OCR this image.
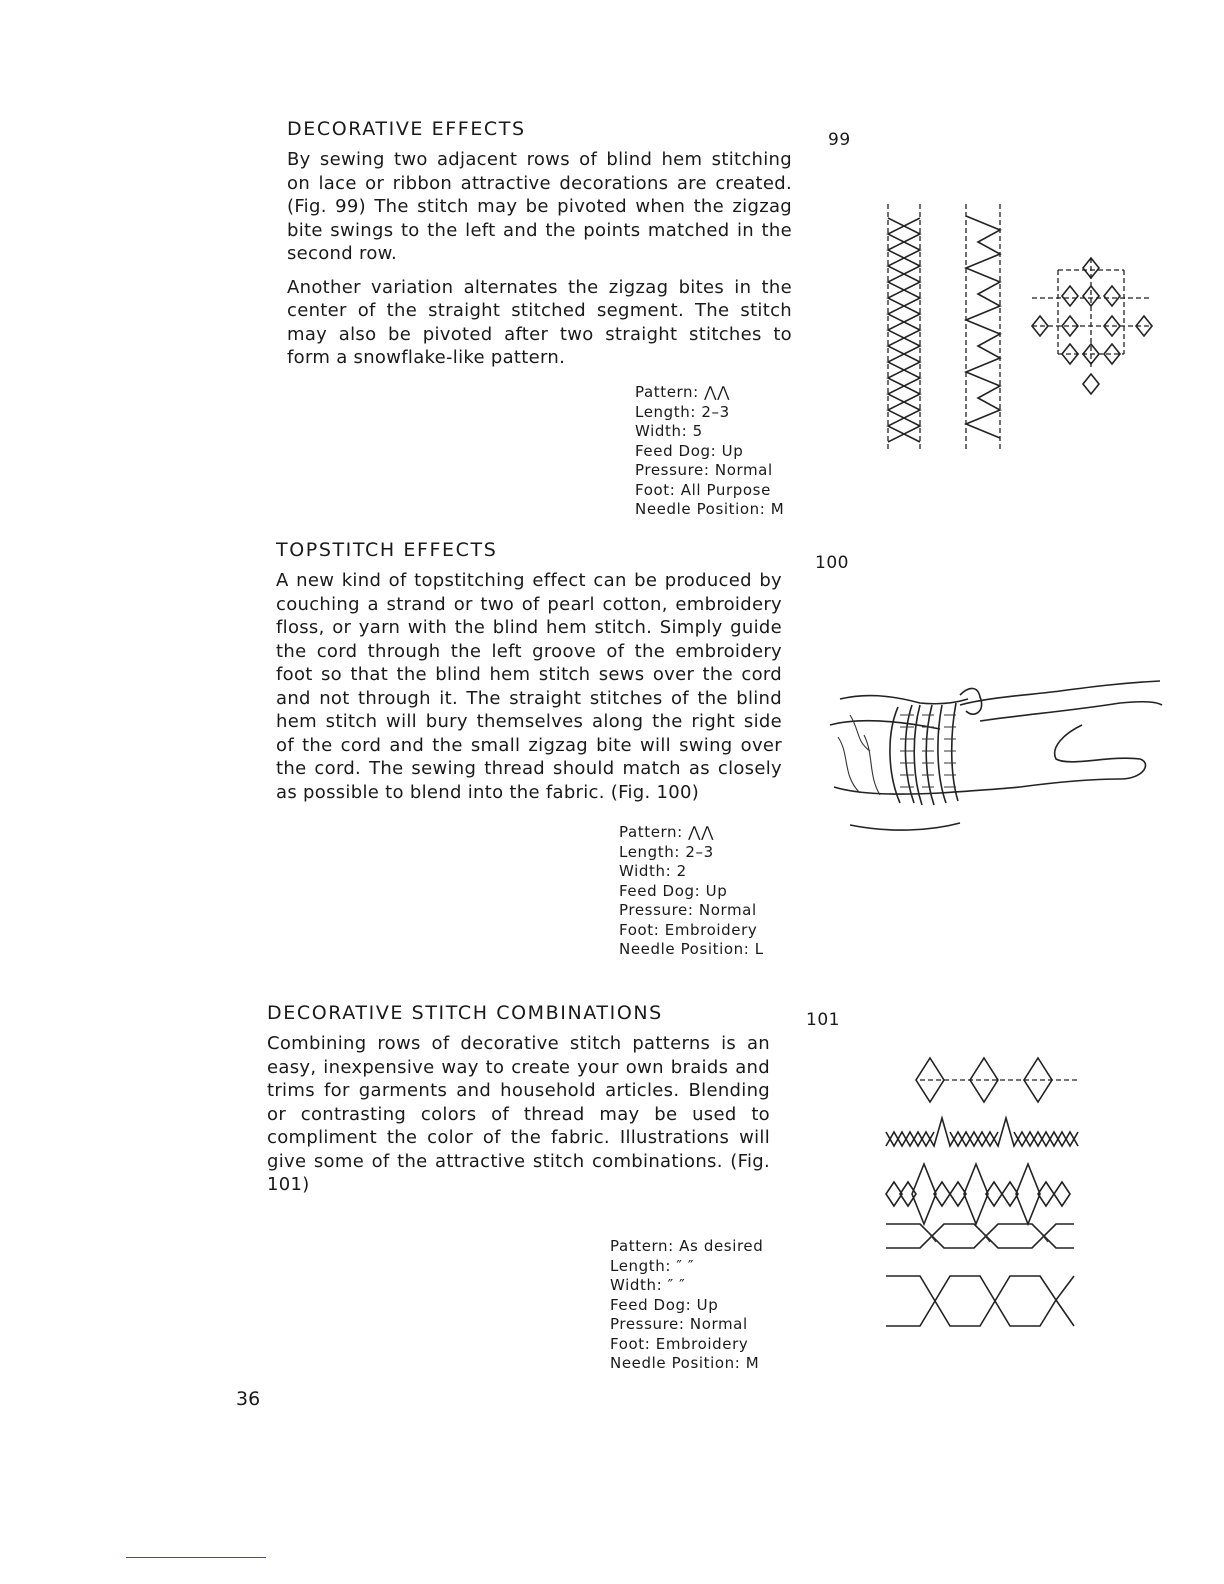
DECORATIVE EFFECTS

By sewing two adjacent rows of blind hem stitching on lace or ribbon attractive decorations are created. (Fig. 99) The stitch may be pivoted when the zigzag bite swings to the left and the points matched in the second row.

Another variation alternates the zigzag bites in the center of the straight stitched segment. The stitch may also be pivoted after two straight stitches to form a snowflake-like pattern.

Pattern: ⋀⋀
Length: 2–3
Width: 5
Feed Dog: Up
Pressure: Normal
Foot: All Purpose
Needle Position: M
99
TOPSTITCH EFFECTS

A new kind of topstitching effect can be produced by couching a strand or two of pearl cotton, embroidery floss, or yarn with the blind hem stitch. Simply guide the cord through the left groove of the embroidery foot so that the blind hem stitch sews over the cord and not through it. The straight stitches of the blind hem stitch will bury themselves along the right side of the cord and the small zigzag bite will swing over the cord. The sewing thread should match as closely as possible to blend into the fabric. (Fig. 100)

Pattern: ⋀⋀
Length: 2–3
Width: 2
Feed Dog: Up
Pressure: Normal
Foot: Embroidery
Needle Position: L
100
DECORATIVE STITCH COMBINATIONS

Combining rows of decorative stitch patterns is an easy, inexpensive way to create your own braids and trims for garments and household articles. Blending or contrasting colors of thread may be used to compliment the color of the fabric. Illustrations will give some of the attractive stitch combinations. (Fig. 101)

Pattern: As desired
Length: ″ ″
Width: ″ ″
Feed Dog: Up
Pressure: Normal
Foot: Embroidery
Needle Position: M
101
36
